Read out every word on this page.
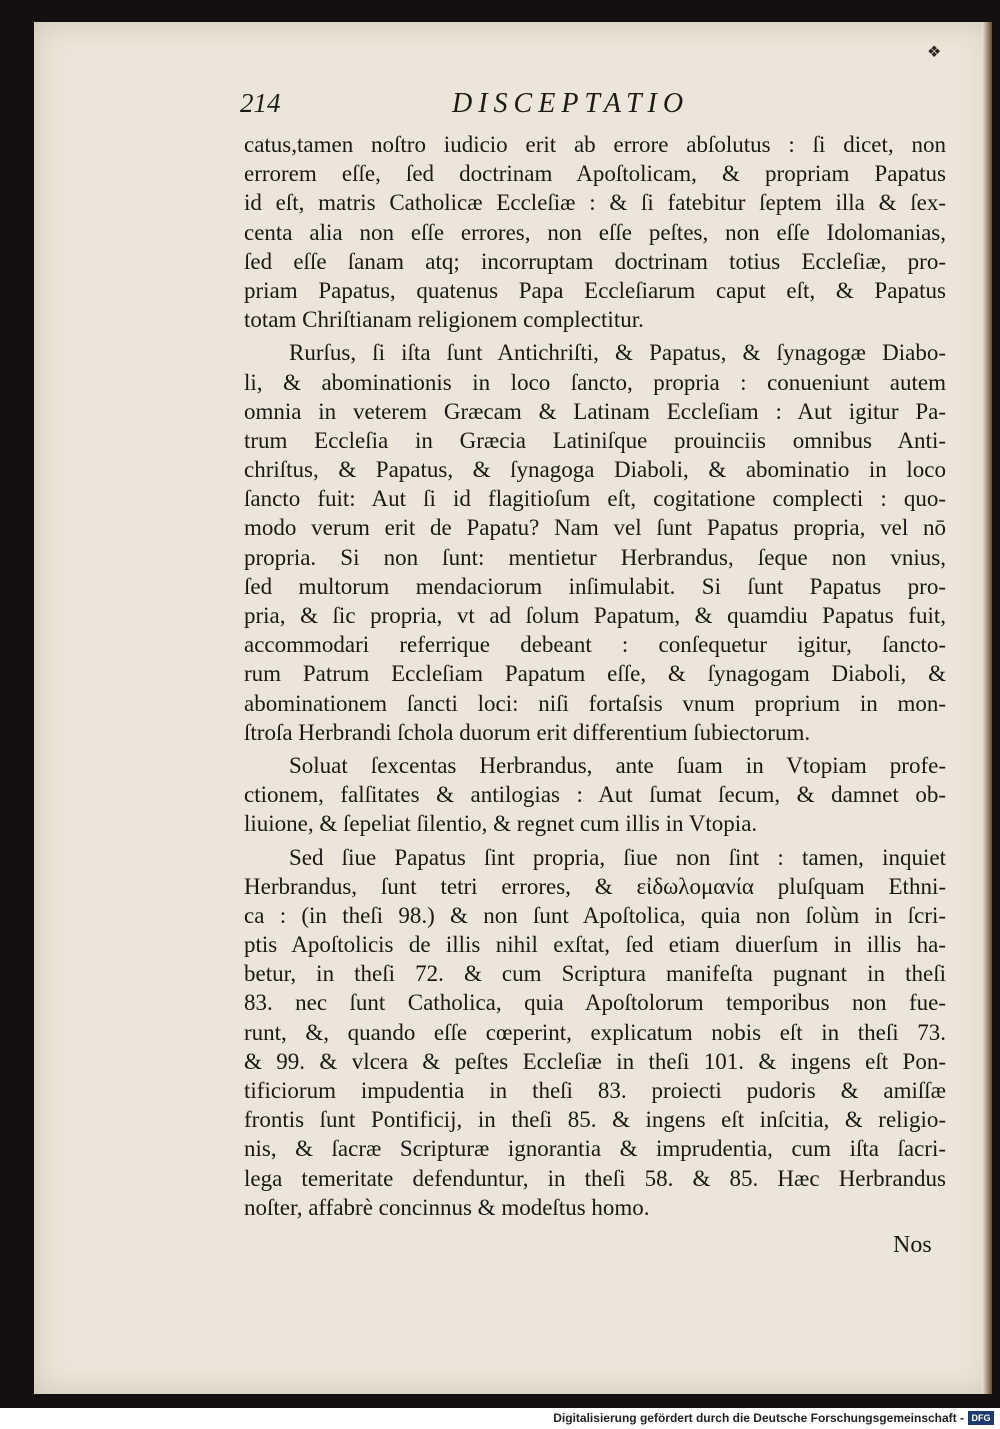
❖
214	DISCEPTATIO
catus,tamen noſtro iudicio erit ab errore abſolutus : ſi dicet, non
errorem eſſe, ſed doctrinam Apoſtolicam, & propriam Papatus
id eſt, matris Catholicæ Eccleſiæ : & ſi fatebitur ſeptem illa & ſex-
centa alia non eſſe errores, non eſſe peſtes, non eſſe Idolomanias,
ſed eſſe ſanam atq; incorruptam doctrinam totius Eccleſiæ, pro-
priam Papatus, quatenus Papa Eccleſiarum caput eſt, & Papatus
totam Chriſtianam religionem complectitur.
Rurſus, ſi iſta ſunt Antichriſti, & Papatus, & ſynagogæ Diabo-
li, & abominationis in loco ſancto, propria : conueniunt autem
omnia in veterem Græcam & Latinam Eccleſiam : Aut igitur Pa-
trum Eccleſia in Græcia Latiniſque prouinciis omnibus Anti-
chriſtus, & Papatus, & ſynagoga Diaboli, & abominatio in loco
ſancto fuit: Aut ſi id flagitioſum eſt, cogitatione complecti : quo-
modo verum erit de Papatu? Nam vel ſunt Papatus propria, vel nō
propria. Si non ſunt: mentietur Herbrandus, ſeque non vnius,
ſed multorum mendaciorum inſimulabit. Si ſunt Papatus pro-
pria, & ſic propria, vt ad ſolum Papatum, & quamdiu Papatus fuit,
accommodari referrique debeant : conſequetur igitur, ſancto-
rum Patrum Eccleſiam Papatum eſſe, & ſynagogam Diaboli, &
abominationem ſancti loci: niſi fortaſsis vnum proprium in mon-
ſtroſa Herbrandi ſchola duorum erit differentium ſubiectorum.
Soluat ſexcentas Herbrandus, ante ſuam in Vtopiam profe-
ctionem, falſitates & antilogias : Aut ſumat ſecum, & damnet ob-
liuione, & ſepeliat ſilentio, & regnet cum illis in Vtopia.
Sed ſiue Papatus ſint propria, ſiue non ſint : tamen, inquiet
Herbrandus, ſunt tetri errores, & εἰδωλομανία pluſquam Ethni-
ca : (in theſi 98.) & non ſunt Apoſtolica, quia non ſolùm in ſcri-
ptis Apoſtolicis de illis nihil exſtat, ſed etiam diuerſum in illis ha-
betur, in theſi 72. & cum Scriptura manifeſta pugnant in theſi
83. nec ſunt Catholica, quia Apoſtolorum temporibus non fue-
runt, &, quando eſſe cœperint, explicatum nobis eſt in theſi 73.
& 99. & vlcera & peſtes Eccleſiæ in theſi 101. & ingens eſt Pon-
tificiorum impudentia in theſi 83. proiecti pudoris & amiſſæ
frontis ſunt Pontificij, in theſi 85. & ingens eſt inſcitia, & religio-
nis, & ſacræ Scripturæ ignorantia & imprudentia, cum iſta ſacri-
lega temeritate defenduntur, in theſi 58. & 85. Hæc Herbrandus
noſter, affabrè concinnus & modeſtus homo.
Nos
Digitalisierung gefördert durch die Deutsche Forschungsgemeinschaft - DFG
